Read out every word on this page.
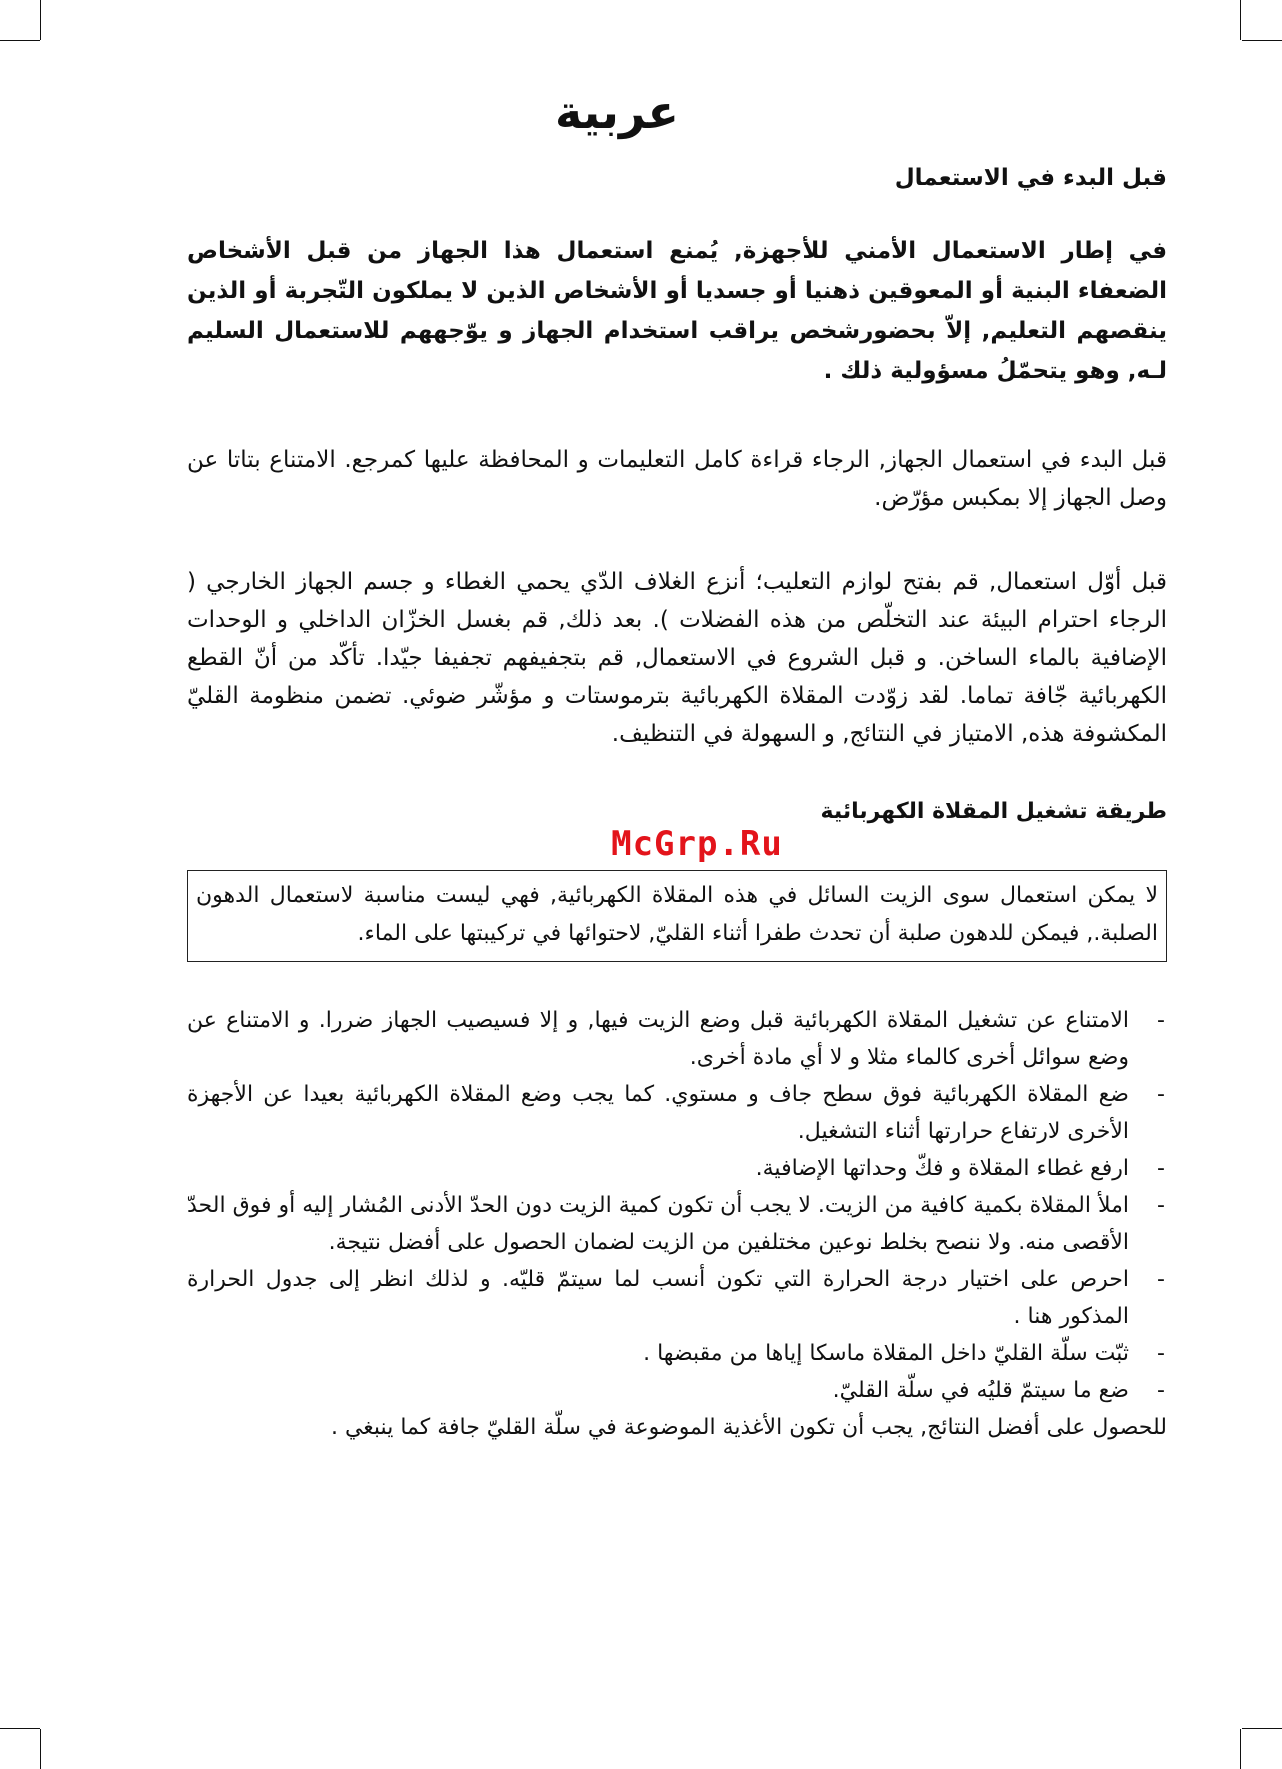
عربية
قبل البدء في الاستعمال

في إطار الاستعمال الأمني للأجهزة, يُمنع استعمال هذا الجهاز من قبل الأشخاص الضعفاء البنية أو المعوقين ذهنيا أو جسديا أو الأشخاص الذين لا يملكون التّجربة أو الذين ينقصهم التعليم, إلاّ بحضورشخص يراقب استخدام الجهاز و يوّجههم للاستعمال السليم لـه, وهو يتحمّلُ مسؤولية ذلك .

قبل البدء في استعمال الجهاز, الرجاء قراءة كامل التعليمات و المحافظة عليها كمرجع. الامتناع بتاتا عن وصل الجهاز إلا بمكبس مؤرّض.

قبل أوّل استعمال, قم بفتح لوازم التعليب؛ أنزع الغلاف الدّي يحمي الغطاء و جسم الجهاز الخارجي ( الرجاء احترام البيئة عند التخلّص من هذه الفضلات ). بعد ذلك, قم بغسل الخزّان الداخلي و الوحدات الإضافية بالماء الساخن. و قبل الشروع في الاستعمال, قم بتجفيفهم تجفيفا جيّدا. تأكّد من أنّ القطع الكهربائية جّافة تماما. لقد زوّدت المقلاة الكهربائية بترموستات و مؤشّر ضوئي. تضمن منظومة القليّ المكشوفة هذه, الامتياز في النتائج, و السهولة في التنظيف.

طريقة تشغيل المقلاة الكهربائية
McGrp.Ru
لا يمكن استعمال سوى الزيت السائل في هذه المقلاة الكهربائية, فهي ليست مناسبة لاستعمال الدهون الصلبة., فيمكن للدهون صلبة أن تحدث طفرا أثناء القليّ, لاحتوائها في تركيبتها على الماء.
-
الامتناع عن تشغيل المقلاة الكهربائية قبل وضع الزيت فيها, و إلا فسيصيب الجهاز ضررا. و الامتناع عن وضع سوائل أخرى كالماء مثلا و لا أي مادة أخرى.
-
ضع المقلاة الكهربائية فوق سطح جاف و مستوي. كما يجب وضع المقلاة الكهربائية بعيدا عن الأجهزة الأخرى لارتفاع حرارتها أثناء التشغيل.
-
ارفع غطاء المقلاة و فكّ وحداتها الإضافية.
-
املأ المقلاة بكمية كافية من الزيت. لا يجب أن تكون كمية الزيت دون الحدّ الأدنى المُشار إليه أو فوق الحدّ الأقصى منه. ولا ننصح بخلط نوعين مختلفين من الزيت لضمان الحصول على أفضل نتيجة.
-
احرص على اختيار درجة الحرارة التي تكون أنسب لما سيتمّ قليّه. و لذلك انظر إلى جدول الحرارة المذكور هنا .
-
ثبّت سلّة القليّ داخل المقلاة ماسكا إياها من مقبضها .
-
ضع ما سيتمّ قليُه في سلّة القليّ.

للحصول على أفضل النتائج, يجب أن تكون الأغذية الموضوعة في سلّة القليّ جافة كما ينبغي .
